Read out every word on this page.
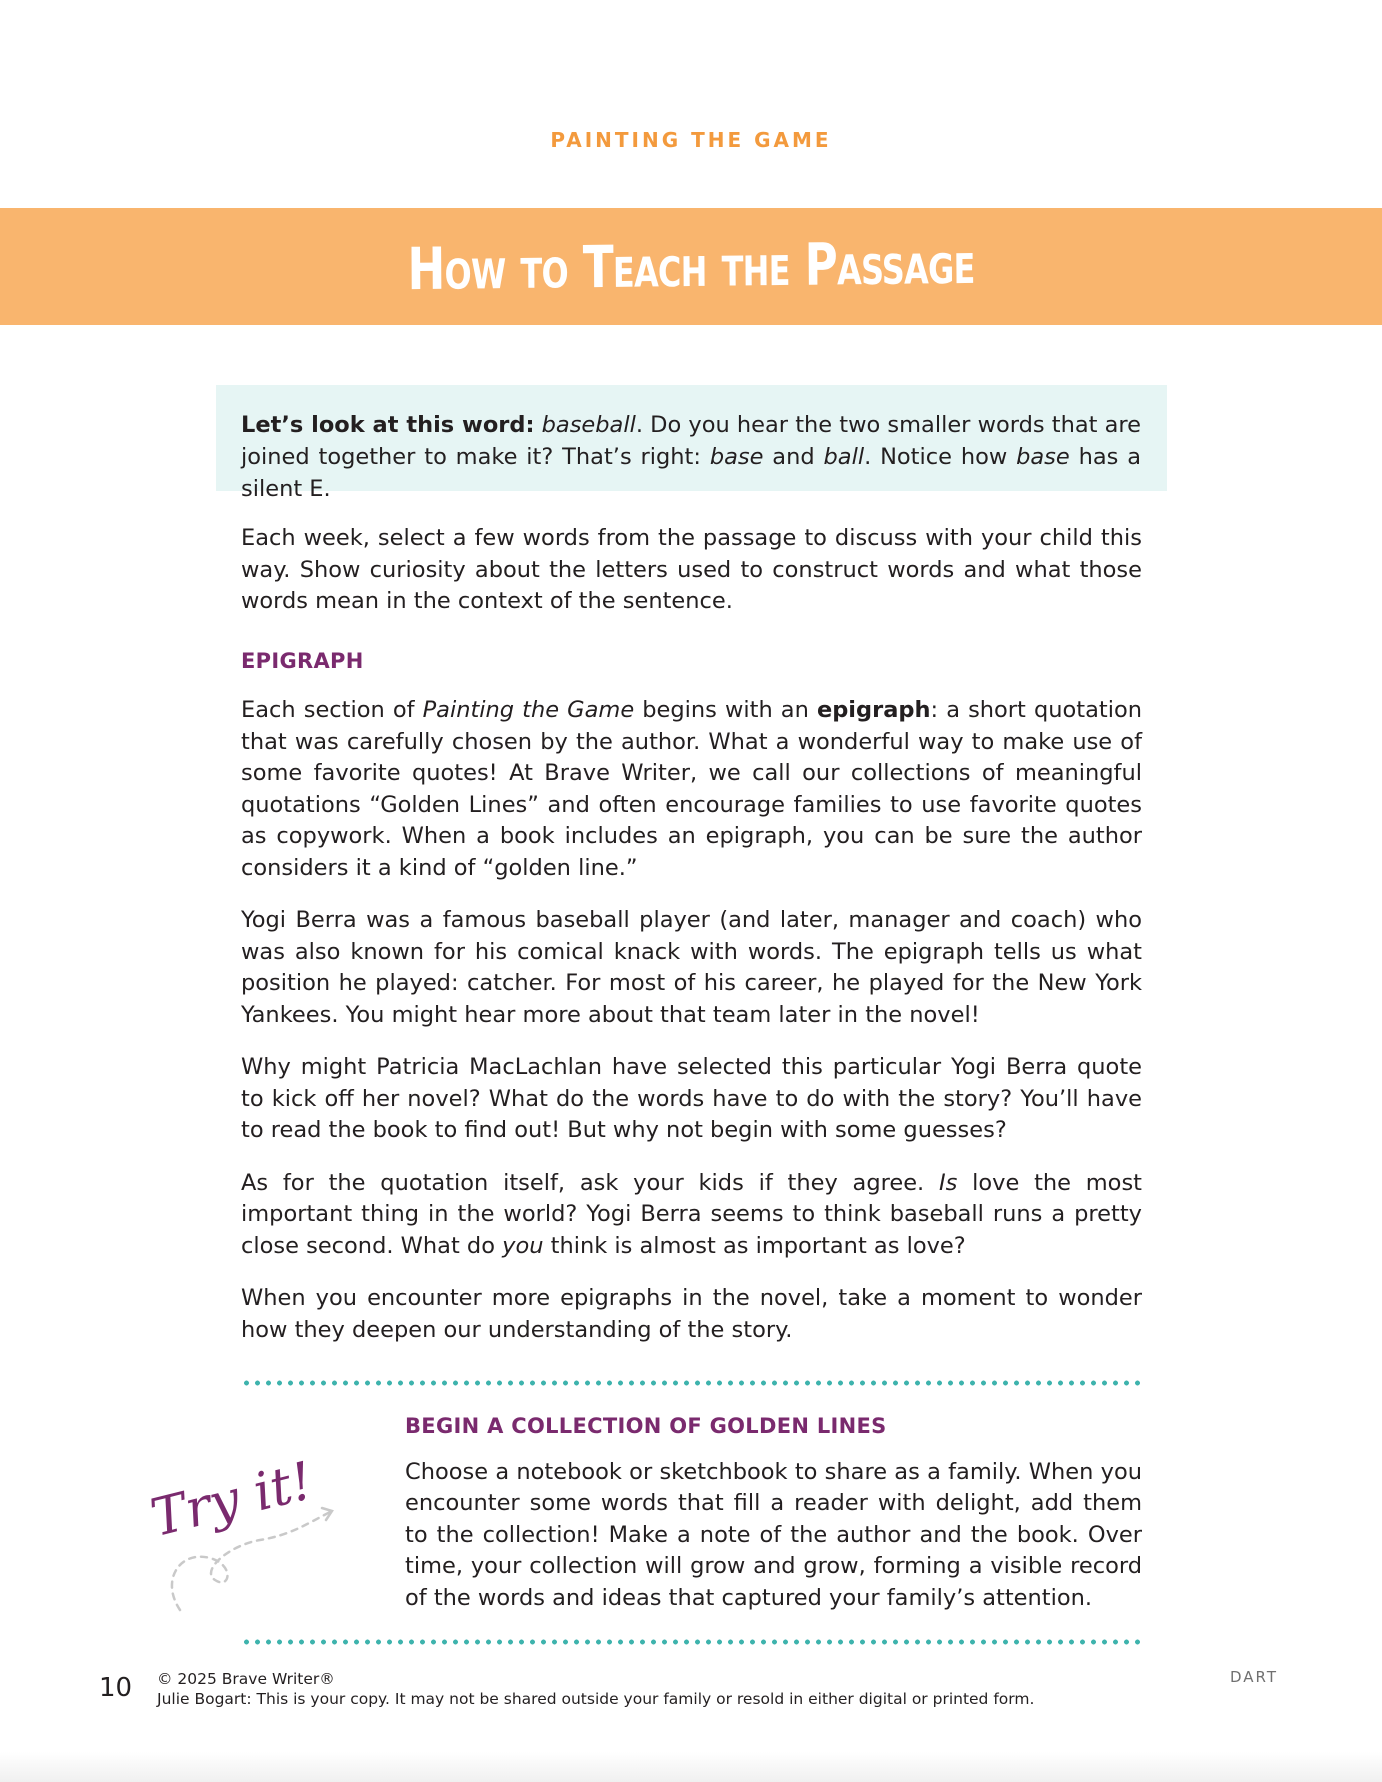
PAINTING THE GAME
How to Teach the Passage

Let’s look at this word: baseball. Do you hear the two smaller words that are joined together to make it? That’s right: base and ball. Notice how base has a silent E.

Each week, select a few words from the passage to discuss with your child this way. Show curiosity about the letters used to construct words and what those words mean in the context of the sentence.

EPIGRAPH

Each section of Painting the Game begins with an epigraph: a short quotation that was carefully chosen by the author. What a wonderful way to make use of some favorite quotes! At Brave Writer, we call our collections of meaningful quotations “Golden Lines” and often encourage families to use favorite quotes as copywork. When a book includes an epigraph, you can be sure the author considers it a kind of “golden line.”

Yogi Berra was a famous baseball player (and later, manager and coach) who was also known for his comical knack with words. The epigraph tells us what position he played: catcher. For most of his career, he played for the New York Yankees. You might hear more about that team later in the novel!

Why might Patricia MacLachlan have selected this particular Yogi Berra quote to kick off her novel? What do the words have to do with the story? You’ll have to read the book to find out! But why not begin with some guesses?

As for the quotation itself, ask your kids if they agree. Is love the most important thing in the world? Yogi Berra seems to think baseball runs a pretty close second. What do you think is almost as important as love?

When you encounter more epigraphs in the novel, take a moment to wonder how they deepen our understanding of the story.

Try it!
BEGIN A COLLECTION OF GOLDEN LINES

Choose a notebook or sketchbook to share as a family. When you encounter some words that fill a reader with delight, add them to the collection! Make a note of the author and the book. Over time, your collection will grow and grow, forming a visible record of the words and ideas that captured your family’s attention.

10 © 2025 Brave Writer®
Julie Bogart: This is your copy. It may not be shared outside your family or resold in either digital or printed form.
DART
